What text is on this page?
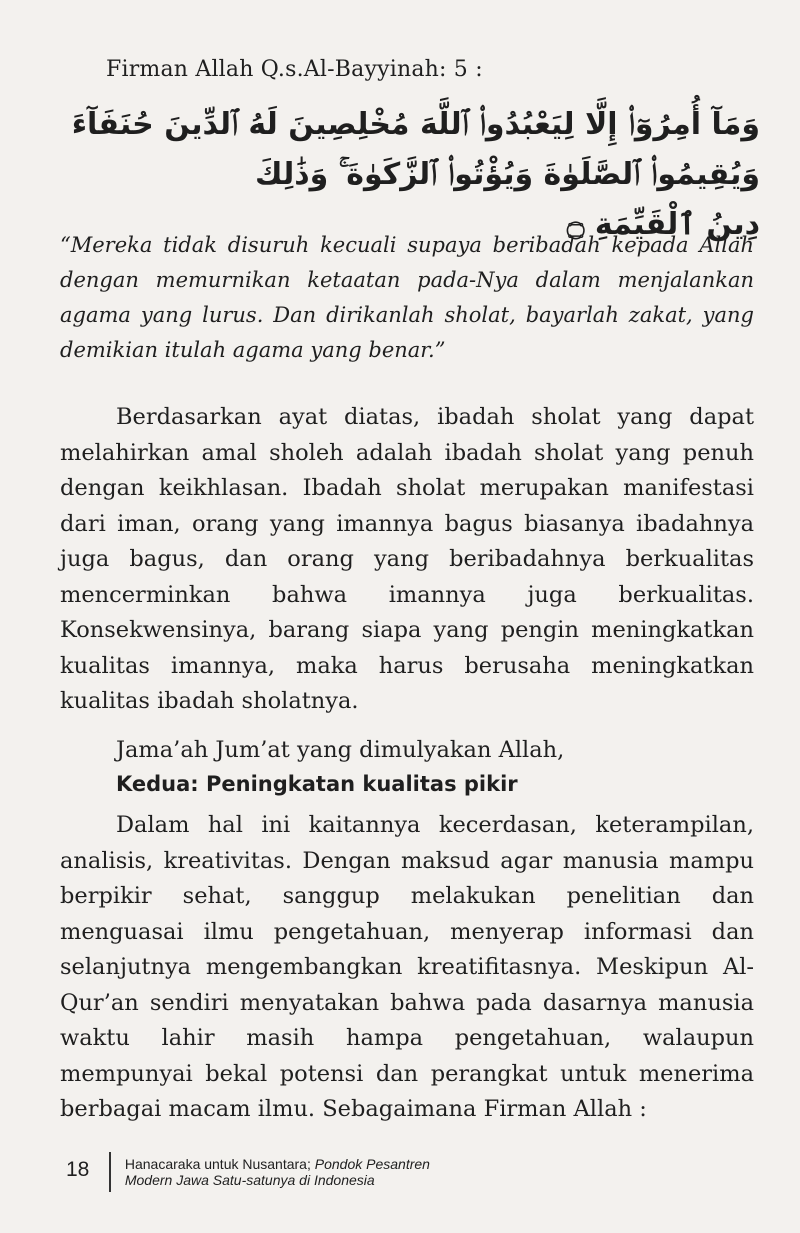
Firman Allah Q.s.Al-Bayyinah: 5 :
وَمَآ أُمِرُوٓا۟ إِلَّا لِيَعْبُدُوا۟ ٱللَّهَ مُخْلِصِينَ لَهُ ٱلدِّينَ حُنَفَآءَ وَيُقِيمُوا۟ ٱلصَّلَوٰةَ وَيُؤْتُوا۟ ٱلزَّكَوٰةَ ۚ وَذَٰلِكَ
دِينُ ٱلْقَيِّمَةِ ۝
“Mereka tidak disuruh kecuali supaya beribadah kepada Allah dengan memurnikan ketaatan pada-Nya dalam menjalankan agama yang lurus. Dan dirikanlah sholat, bayarlah zakat, yang demikian itulah agama yang benar.”
Berdasarkan ayat diatas, ibadah sholat yang dapat melahirkan amal sholeh adalah ibadah sholat yang penuh dengan keikhlasan. Ibadah sholat merupakan manifestasi dari iman, orang yang imannya bagus biasanya ibadahnya juga bagus, dan orang yang beribadahnya berkualitas mencerminkan bahwa imannya juga berkualitas. Konsekwensinya, barang siapa yang pengin meningkatkan kualitas imannya, maka harus berusaha meningkatkan kualitas ibadah sholatnya.
Jama’ah Jum’at yang dimulyakan Allah,
Kedua: Peningkatan kualitas pikir
Dalam hal ini kaitannya kecerdasan, keterampilan, analisis, kreativitas. Dengan maksud agar manusia mampu berpikir sehat, sanggup melakukan penelitian dan menguasai ilmu pengetahuan, menyerap informasi dan selanjutnya mengembangkan kreatifitasnya. Meskipun Al-Qur’an sendiri menyatakan bahwa pada dasarnya manusia waktu lahir masih hampa pengetahuan, walaupun mempunyai bekal potensi dan perangkat untuk menerima berbagai macam ilmu. Sebagaimana Firman Allah :
18	Hanacaraka untuk Nusantara; Pondok Pesantren
Modern Jawa Satu-satunya di Indonesia
